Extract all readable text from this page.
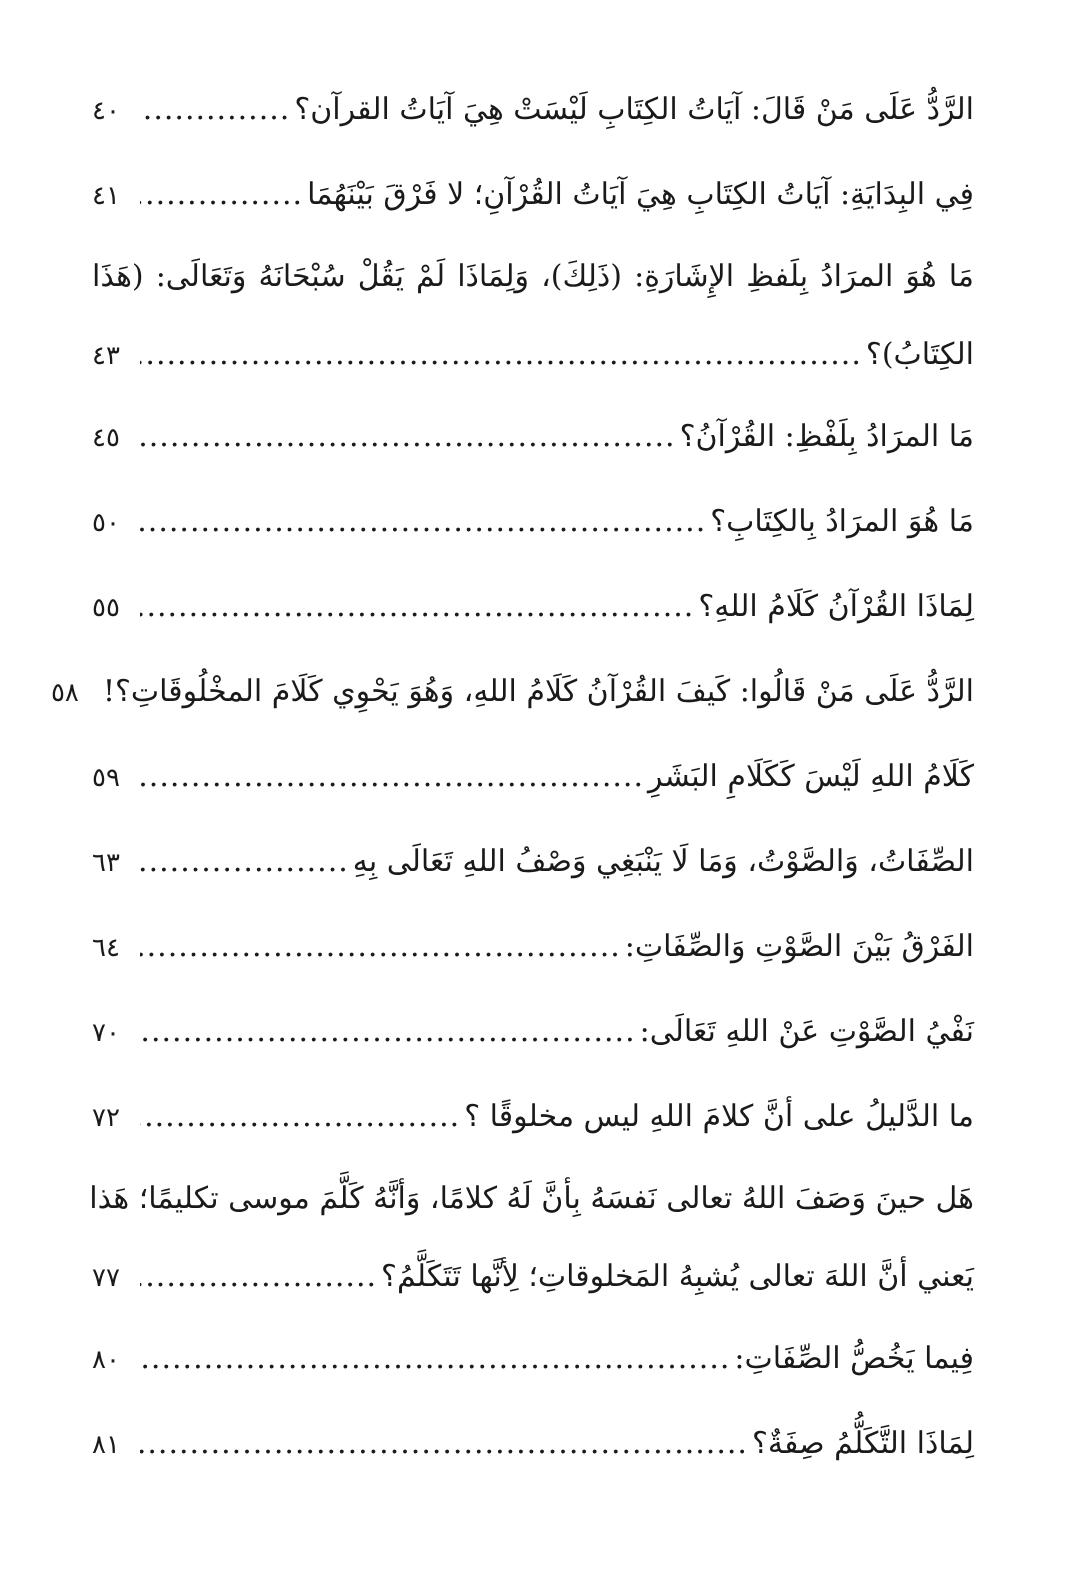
الرَّدُّ عَلَى مَنْ قَالَ: آيَاتُ الكِتَابِ لَيْسَتْ هِيَ آيَاتُ القرآن؟
.....
٤٠
فِي البِدَايَةِ: آيَاتُ الكِتَابِ هِيَ آيَاتُ القُرْآنِ؛ لا فَرْقَ بَيْنَهُمَا
.....
٤١
مَا هُوَ المرَادُ بِلَفظِ الإِشَارَةِ: (ذَلِكَ)، وَلِمَاذَا لَمْ يَقُلْ سُبْحَانَهُ وَتَعَالَى: (هَذَا
الكِتَابُ)؟
.....
٤٣
مَا المرَادُ بِلَفْظِ: القُرْآنُ؟
.....
٤٥
مَا هُوَ المرَادُ بِالكِتَابِ؟
.....
٥٠
لِمَاذَا القُرْآنُ كَلَامُ اللهِ؟
.....
٥٥
الرَّدُّ عَلَى مَنْ قَالُوا: كَيفَ القُرْآنُ كَلَامُ اللهِ، وَهُوَ يَحْوِي كَلَامَ المخْلُوقَاتِ؟!
٥٨
كَلَامُ اللهِ لَيْسَ كَكَلَامِ البَشَرِ
.....
٥٩
الصِّفَاتُ، وَالصَّوْتُ، وَمَا لَا يَنْبَغِي وَصْفُ اللهِ تَعَالَى بِهِ
.....
٦٣
الفَرْقُ بَيْنَ الصَّوْتِ وَالصِّفَاتِ:
.....
٦٤
نَفْيُ الصَّوْتِ عَنْ اللهِ تَعَالَى:
.....
٧٠
ما الدَّليلُ على أنَّ كلامَ اللهِ ليس مخلوقًا ؟
.....
٧٢
هَل حينَ وَصَفَ اللهُ تعالى نَفسَهُ بِأنَّ لَهُ كلامًا، وَأنَّهُ كَلَّمَ موسى تكليمًا؛ هَذا
يَعني أنَّ اللهَ تعالى يُشبِهُ المَخلوقاتِ؛ لِأنَّها تَتَكَلَّمُ؟
.....
٧٧
فِيما يَخُصُّ الصِّفَاتِ:
.....
٨٠
لِمَاذَا التَّكَلُّمُ صِفَةٌ؟
.....
٨١
